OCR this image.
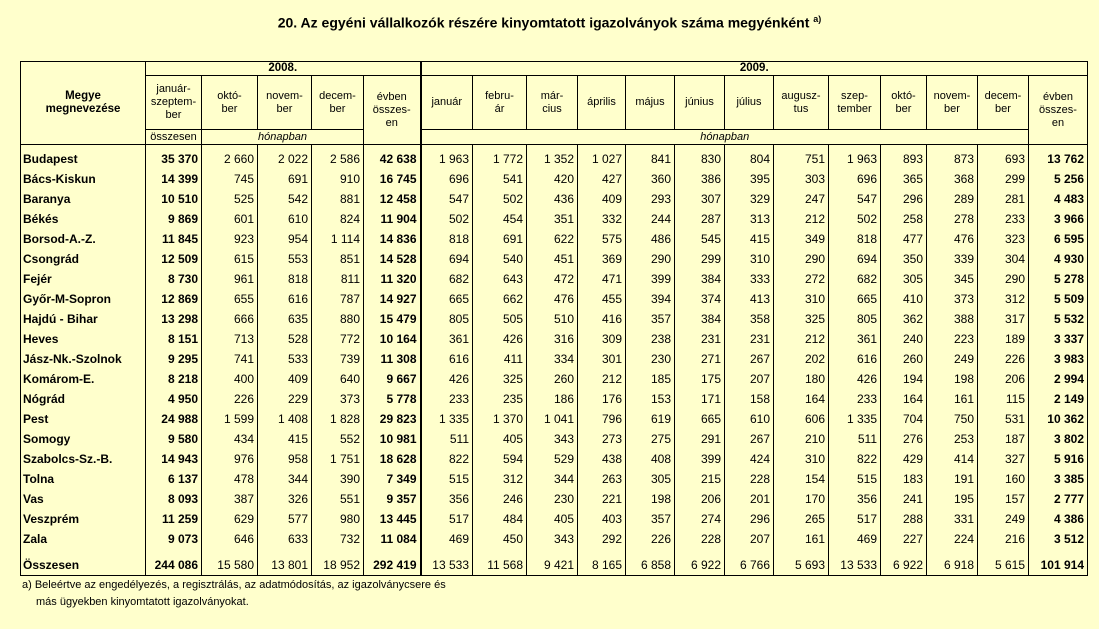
20. Az egyéni vállalkozók részére kinyomtatott igazolványok száma megyénként $^{a)}$
Megye
megnevezése	2008.					2009.												
	január-
szeptem-
ber	októ-
ber	novem-
ber	decem-
ber	évben
összes-
en	január	febru-
ár	már-
cius	április	május	június	július	augusz-
tus	szep-
tember	októ-
ber	novem-
ber	decem-
ber	évben
összes-
en
	összesen	hónapban				hónapban												
Budapest	35 370	2 660	2 022	2 586	42 638	1 963	1 772	1 352	1 027	841	830	804	751	1 963	893	873	693	13 762
Bács-Kiskun	14 399	745	691	910	16 745	696	541	420	427	360	386	395	303	696	365	368	299	5 256
Baranya	10 510	525	542	881	12 458	547	502	436	409	293	307	329	247	547	296	289	281	4 483
Békés	9 869	601	610	824	11 904	502	454	351	332	244	287	313	212	502	258	278	233	3 966
Borsod-A.-Z.	11 845	923	954	1 114	14 836	818	691	622	575	486	545	415	349	818	477	476	323	6 595
Csongrád	12 509	615	553	851	14 528	694	540	451	369	290	299	310	290	694	350	339	304	4 930
Fejér	8 730	961	818	811	11 320	682	643	472	471	399	384	333	272	682	305	345	290	5 278
Győr-M-Sopron	12 869	655	616	787	14 927	665	662	476	455	394	374	413	310	665	410	373	312	5 509
Hajdú - Bihar	13 298	666	635	880	15 479	805	505	510	416	357	384	358	325	805	362	388	317	5 532
Heves	8 151	713	528	772	10 164	361	426	316	309	238	231	231	212	361	240	223	189	3 337
Jász-Nk.-Szolnok	9 295	741	533	739	11 308	616	411	334	301	230	271	267	202	616	260	249	226	3 983
Komárom-E.	8 218	400	409	640	9 667	426	325	260	212	185	175	207	180	426	194	198	206	2 994
Nógrád	4 950	226	229	373	5 778	233	235	186	176	153	171	158	164	233	164	161	115	2 149
Pest	24 988	1 599	1 408	1 828	29 823	1 335	1 370	1 041	796	619	665	610	606	1 335	704	750	531	10 362
Somogy	9 580	434	415	552	10 981	511	405	343	273	275	291	267	210	511	276	253	187	3 802
Szabolcs-Sz.-B.	14 943	976	958	1 751	18 628	822	594	529	438	408	399	424	310	822	429	414	327	5 916
Tolna	6 137	478	344	390	7 349	515	312	344	263	305	215	228	154	515	183	191	160	3 385
Vas	8 093	387	326	551	9 357	356	246	230	221	198	206	201	170	356	241	195	157	2 777
Veszprém	11 259	629	577	980	13 445	517	484	405	403	357	274	296	265	517	288	331	249	4 386
Zala	9 073	646	633	732	11 084	469	450	343	292	226	228	207	161	469	227	224	216	3 512
Összesen	244 086	15 580	13 801	18 952	292 419	13 533	11 568	9 421	8 165	6 858	6 922	6 766	5 693	13 533	6 922	6 918	5 615	101 914
a) Beleértve az engedélyezés, a regisztrálás, az adatmódosítás, az igazolványcsere és
más ügyekben kinyomtatott igazolványokat.
